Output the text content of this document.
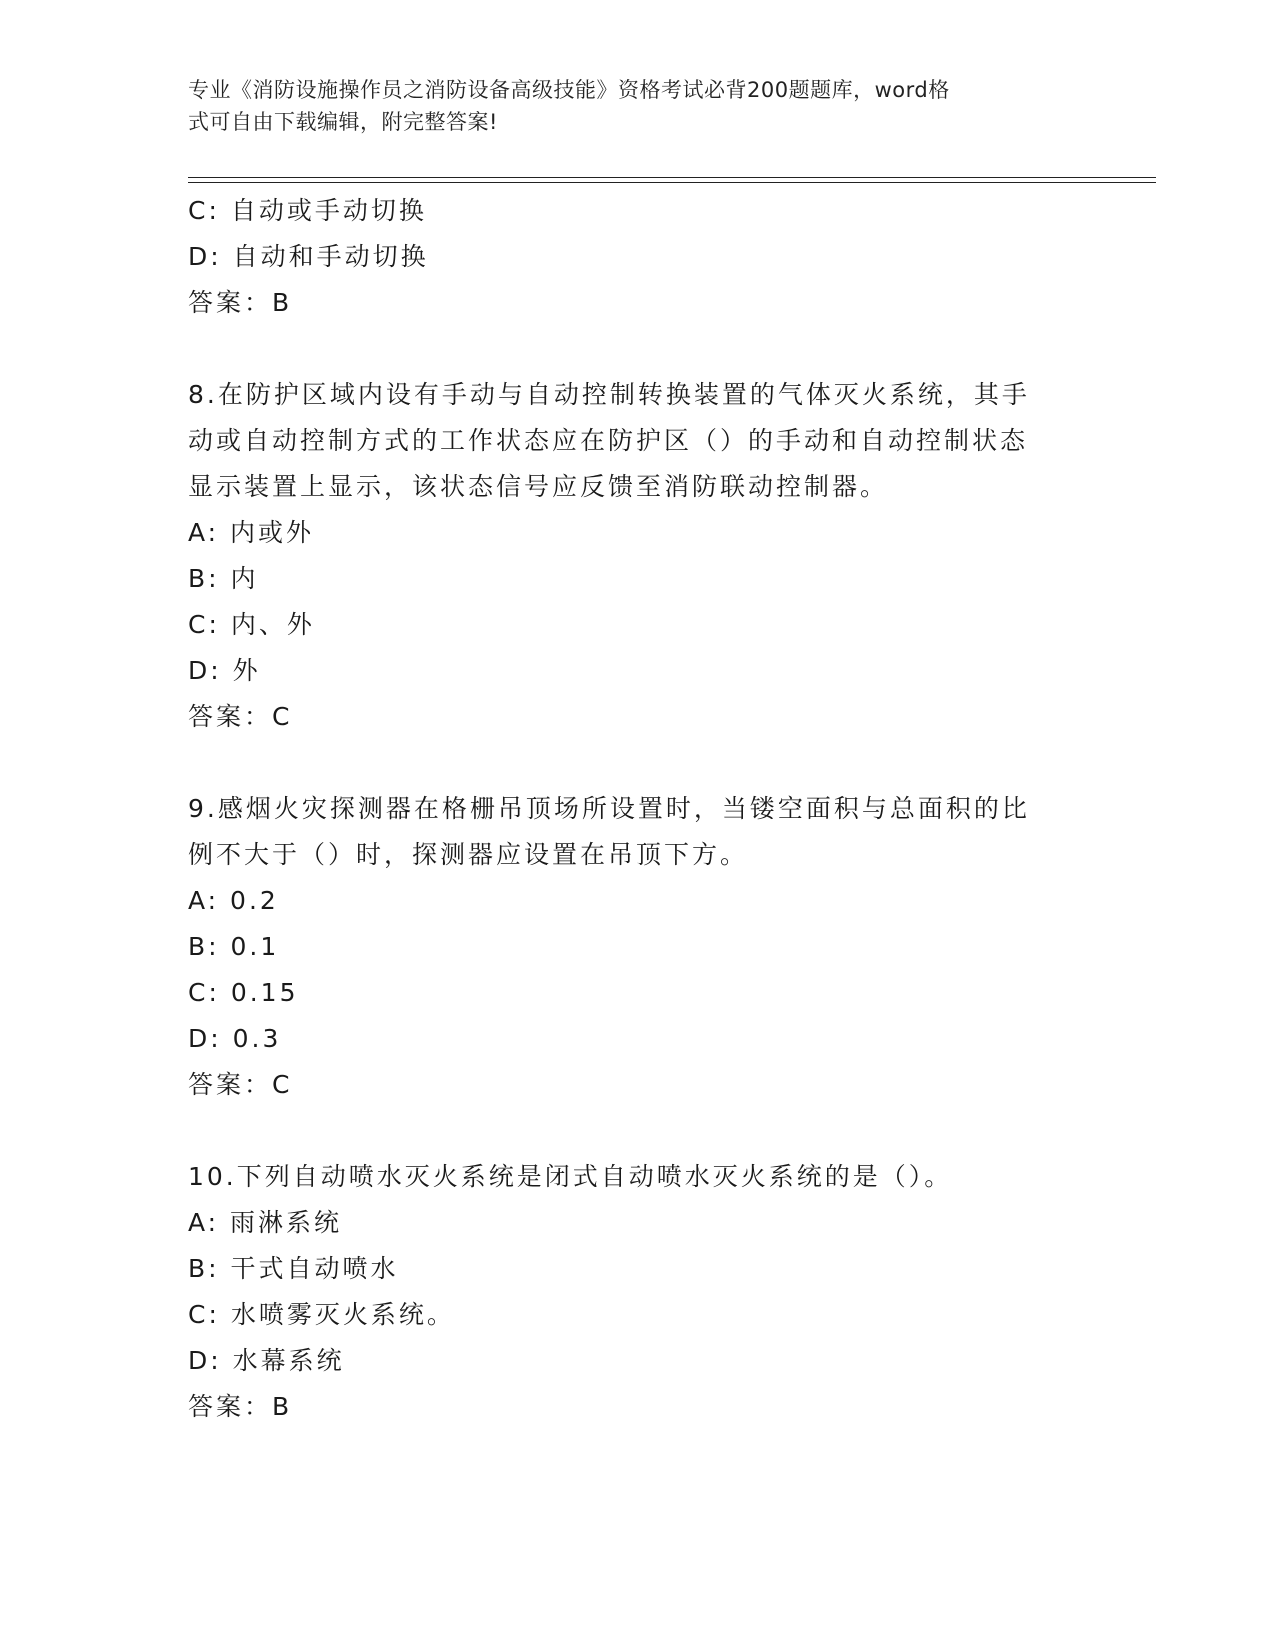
专业《消防设施操作员之消防设备高级技能》资格考试必背200题题库，word格
式可自由下载编辑，附完整答案!
C: 自动或手动切换
D: 自动和手动切换
答案：B
8.在防护区域内设有手动与自动控制转换装置的气体灭火系统，其手
动或自动控制方式的工作状态应在防护区（）的手动和自动控制状态
显示装置上显示，该状态信号应反馈至消防联动控制器。
A: 内或外
B: 内
C: 内、外
D: 外
答案：C
9.感烟火灾探测器在格栅吊顶场所设置时，当镂空面积与总面积的比
例不大于（）时，探测器应设置在吊顶下方。
A: 0.2
B: 0.1
C: 0.15
D: 0.3
答案：C
10.下列自动喷水灭火系统是闭式自动喷水灭火系统的是（）。
A: 雨淋系统
B: 干式自动喷水
C: 水喷雾灭火系统。
D: 水幕系统
答案：B
